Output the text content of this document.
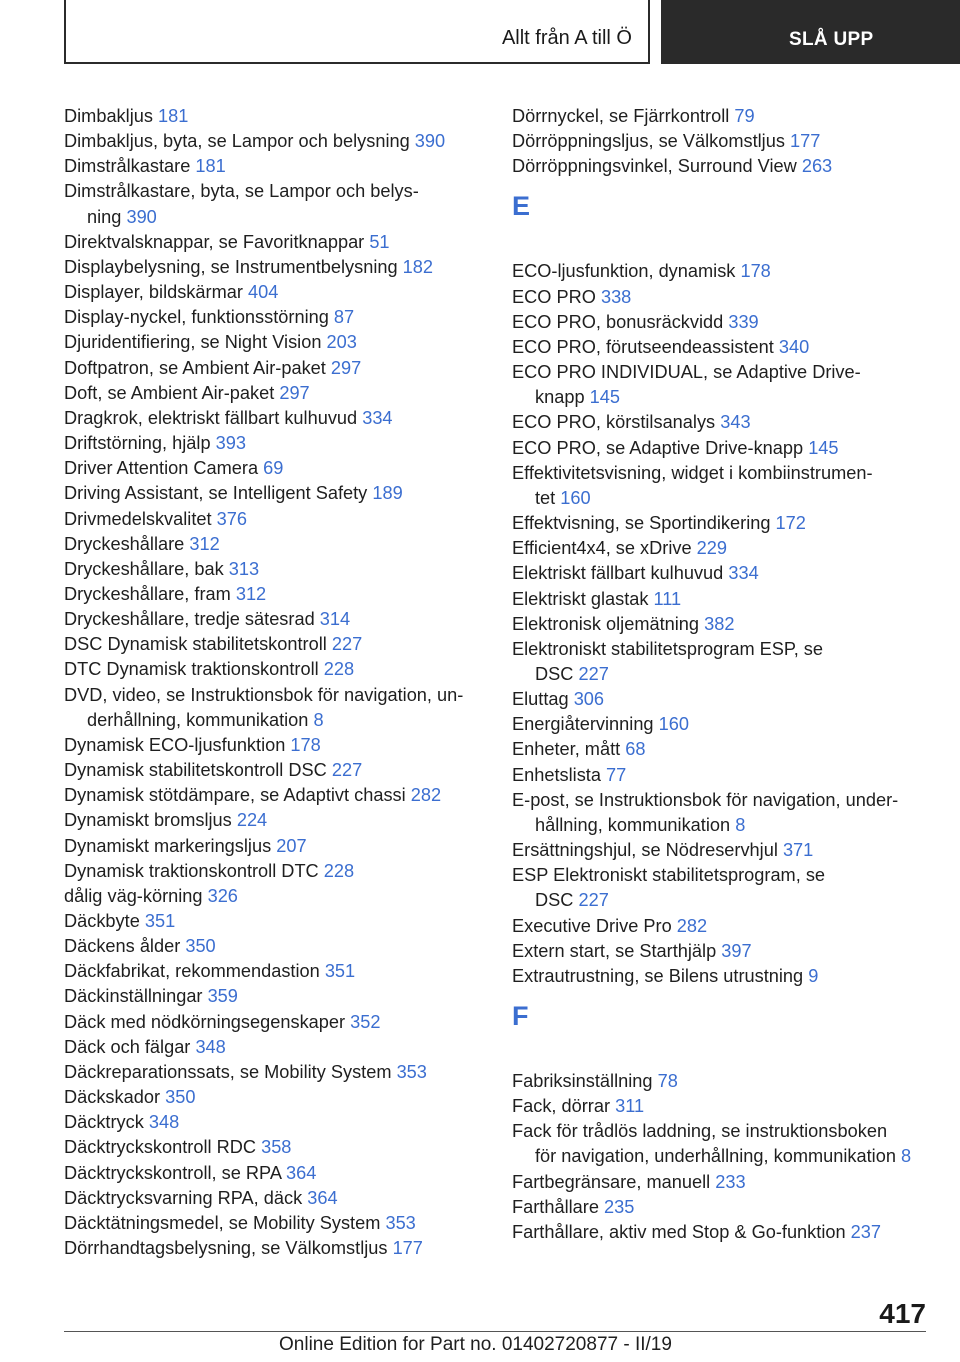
Allt från A till Ö	SLÅ UPP
Dimbakljus 181
Dimbakljus, byta, se Lampor och belysning 390
Dimstrålkastare 181
Dimstrålkastare, byta, se Lampor och belys-
ning 390
Direktvalsknappar, se Favoritknappar 51
Displaybelysning, se Instrumentbelysning 182
Displayer, bildskärmar 404
Display-nyckel, funktionsstörning 87
Djuridentifiering, se Night Vision 203
Doftpatron, se Ambient Air-paket 297
Doft, se Ambient Air-paket 297
Dragkrok, elektriskt fällbart kulhuvud 334
Driftstörning, hjälp 393
Driver Attention Camera 69
Driving Assistant, se Intelligent Safety 189
Drivmedelskvalitet 376
Dryckeshållare 312
Dryckeshållare, bak 313
Dryckeshållare, fram 312
Dryckeshållare, tredje sätesrad 314
DSC Dynamisk stabilitetskontroll 227
DTC Dynamisk traktionskontroll 228
DVD, video, se Instruktionsbok för navigation, un-
derhållning, kommunikation 8
Dynamisk ECO-ljusfunktion 178
Dynamisk stabilitetskontroll DSC 227
Dynamisk stötdämpare, se Adaptivt chassi 282
Dynamiskt bromsljus 224
Dynamiskt markeringsljus 207
Dynamisk traktionskontroll DTC 228
dålig väg-körning 326
Däckbyte 351
Däckens ålder 350
Däckfabrikat, rekommendastion 351
Däckinställningar 359
Däck med nödkörningsegenskaper 352
Däck och fälgar 348
Däckreparationssats, se Mobility System 353
Däckskador 350
Däcktryck 348
Däcktryckskontroll RDC 358
Däcktryckskontroll, se RPA 364
Däcktrycksvarning RPA, däck 364
Däcktätningsmedel, se Mobility System 353
Dörrhandtagsbelysning, se Välkomstljus 177
Dörrnyckel, se Fjärrkontroll 79
Dörröppningsljus, se Välkomstljus 177
Dörröppningsvinkel, Surround View 263
E
ECO-ljusfunktion, dynamisk 178
ECO PRO 338
ECO PRO, bonusräckvidd 339
ECO PRO, förutseendeassistent 340
ECO PRO INDIVIDUAL, se Adaptive Drive-
knapp 145
ECO PRO, körstilsanalys 343
ECO PRO, se Adaptive Drive-knapp 145
Effektivitetsvisning, widget i kombiinstrumen-
tet 160
Effektvisning, se Sportindikering 172
Efficient4x4, se xDrive 229
Elektriskt fällbart kulhuvud 334
Elektriskt glastak 111
Elektronisk oljemätning 382
Elektroniskt stabilitetsprogram ESP, se
DSC 227
Eluttag 306
Energiåtervinning 160
Enheter, mått 68
Enhetslista 77
E-post, se Instruktionsbok för navigation, under-
hållning, kommunikation 8
Ersättningshjul, se Nödreservhjul 371
ESP Elektroniskt stabilitetsprogram, se
DSC 227
Executive Drive Pro 282
Extern start, se Starthjälp 397
Extrautrustning, se Bilens utrustning 9
F
Fabriksinställning 78
Fack, dörrar 311
Fack för trådlös laddning, se instruktionsboken
för navigation, underhållning, kommunikation 8
Fartbegränsare, manuell 233
Farthållare 235
Farthållare, aktiv med Stop & Go-funktion 237
417
Online Edition for Part no. 01402720877 - II/19
